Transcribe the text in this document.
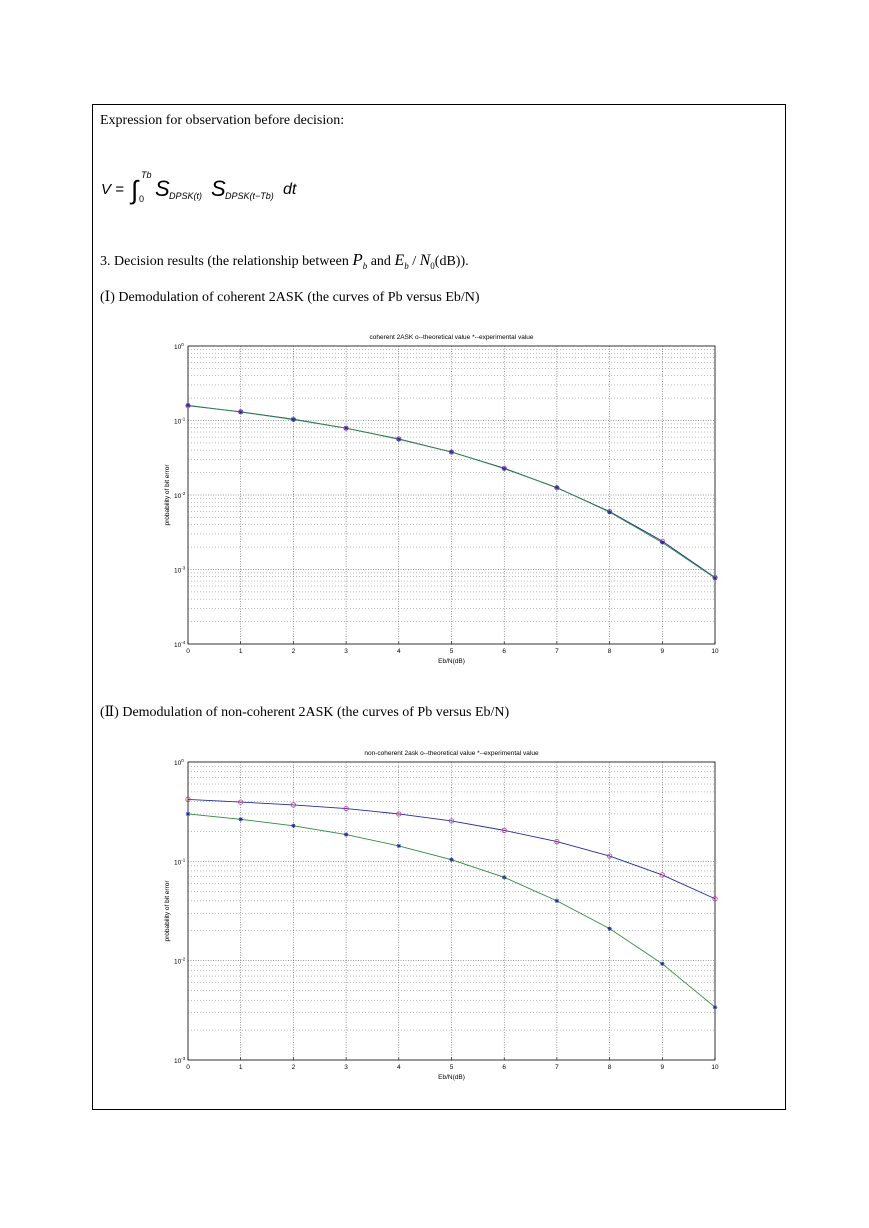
Expression for observation before decision:
V = ∫ Tb
0 S DPSK(t) S DPSK(t−Tb) dt
3. Decision results (the relationship between $P_b$ and $E_b / N_0(dB)$).
(Ⅰ) Demodulation of coherent 2ASK (the curves of Pb versus Eb/N)
coherent 2ASK o--theoretical value *--experimental value
0	1	2	3	4	5	6	7	8	9	10
$10^0$
$10^{-1}$
$10^{-2}$
$10^{-3}$
$10^{-4}$
Eb/N(dB)
probability of bit error
(Ⅱ) Demodulation of non-coherent 2ASK (the curves of Pb versus Eb/N)
non-coherent 2ask o--theoretical value *--experimental value
0	1	2	3	4	5	6	7	8	9	10
$10^0$
$10^{-1}$
$10^{-2}$
$10^{-3}$
Eb/N(dB)
probability of bit error
